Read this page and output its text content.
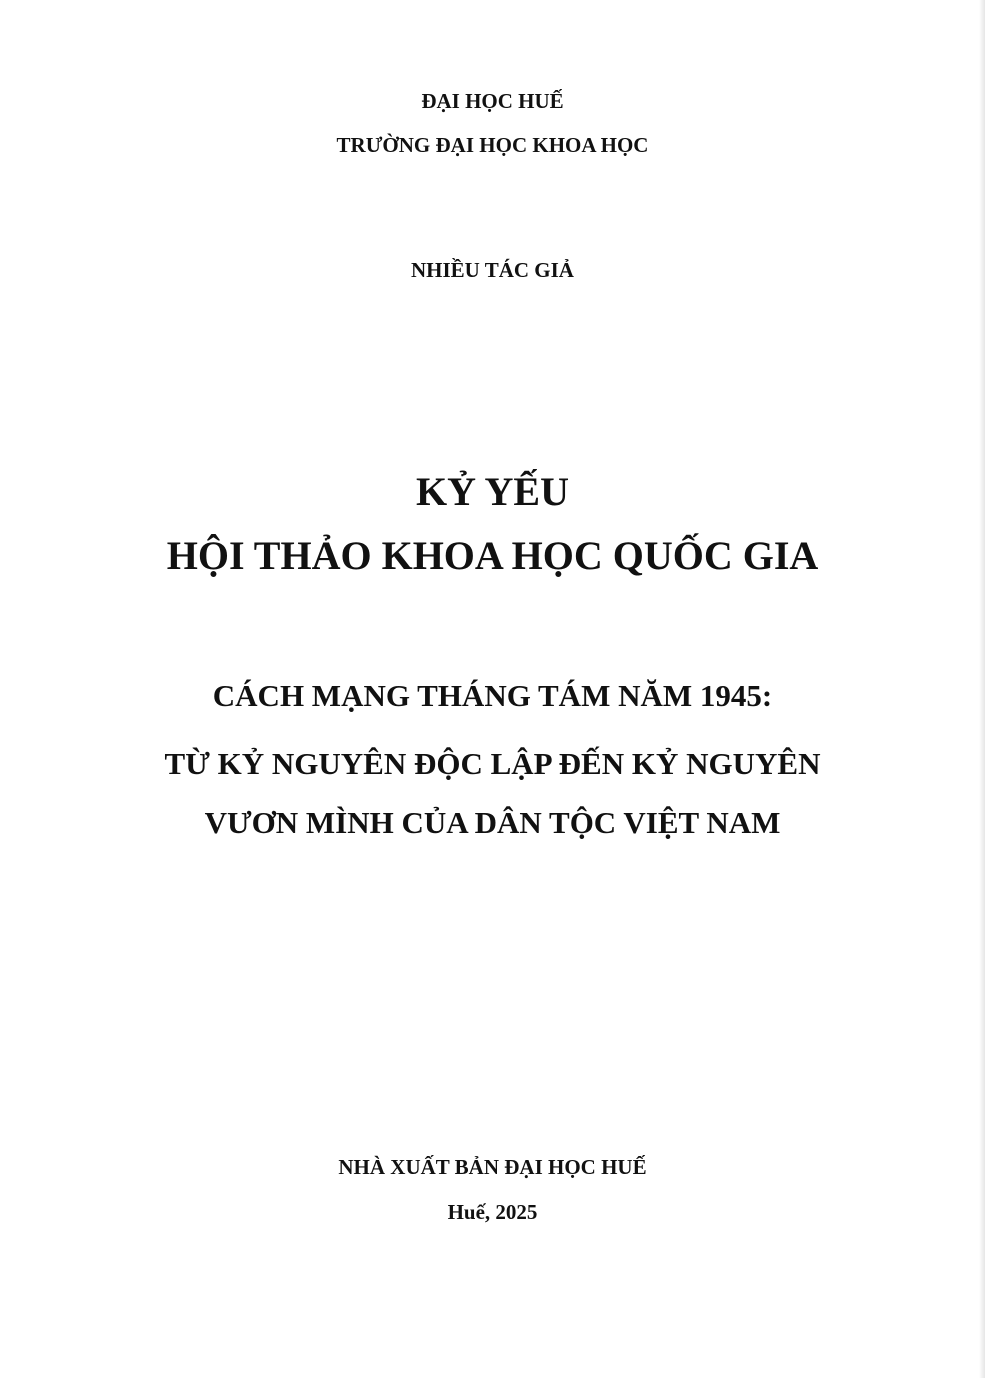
ĐẠI HỌC HUẾ
TRƯỜNG ĐẠI HỌC KHOA HỌC
NHIỀU TÁC GIẢ
KỶ YẾU
HỘI THẢO KHOA HỌC QUỐC GIA
CÁCH MẠNG THÁNG TÁM NĂM 1945:
TỪ KỶ NGUYÊN ĐỘC LẬP ĐẾN KỶ NGUYÊN
VƯƠN MÌNH CỦA DÂN TỘC VIỆT NAM
NHÀ XUẤT BẢN ĐẠI HỌC HUẾ
Huế, 2025
